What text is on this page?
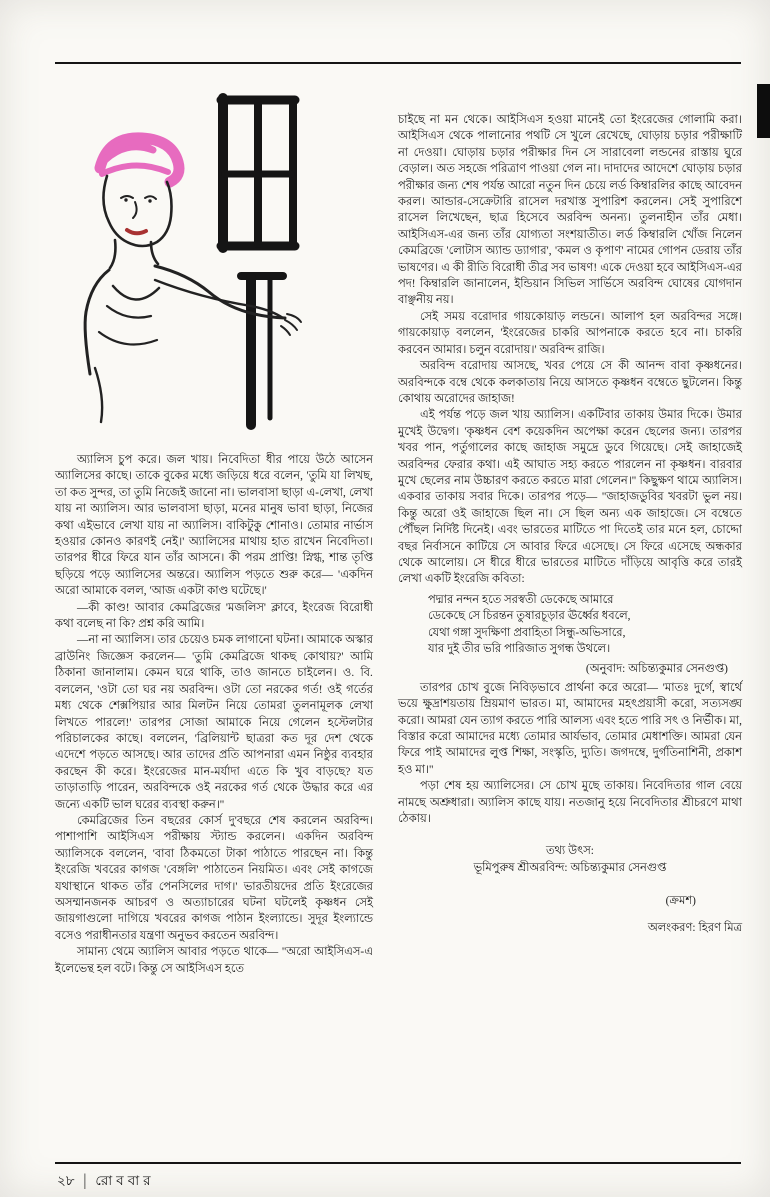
অ্যালিস চুপ করে। জল খায়। নিবেদিতা ধীর পায়ে উঠে আসেন অ্যালিসের কাছে। তাকে বুকের মধ্যে জড়িয়ে ধরে বলেন, 'তুমি যা লিখছ, তা কত সুন্দর, তা তুমি নিজেই জানো না। ভালবাসা ছাড়া এ-লেখা, লেখা যায় না অ্যালিস। আর ভালবাসা ছাড়া, মনের মানুষ ভাবা ছাড়া, নিজের কথা এইভাবে লেখা যায় না অ্যালিস। বাকিটুকু শোনাও। তোমার নার্ভাস হওয়ার কোনও কারণই নেই।' অ্যালিসের মাথায় হাত রাখেন নিবেদিতা। তারপর ধীরে ফিরে যান তাঁর আসনে। কী পরম প্রাপ্তি! স্নিগ্ধ, শান্ত তৃপ্তি ছড়িয়ে পড়ে অ্যালিসের অন্তরে। অ্যালিস পড়তে শুরু করে— 'একদিন অরো আমাকে বলল, 'আজ একটা কাণ্ড ঘটেছে।'

—কী কাণ্ড! আবার কেমব্রিজের 'মজলিস' ক্লাবে, ইংরেজ বিরোধী কথা বলেছ না কি? প্রশ্ন করি আমি।

—না না অ্যালিস। তার চেয়েও চমক লাগানো ঘটনা। আমাকে অস্কার ব্রাউনিং জিজ্ঞেস করলেন— 'তুমি কেমব্রিজে থাকছ কোথায়?' আমি ঠিকানা জানালাম। কেমন ঘরে থাকি, তাও জানতে চাইলেন। ও. বি. বললেন, 'ওটা তো ঘর নয় অরবিন্দ। ওটা তো নরকের গর্ত! ওই গর্তের মধ্য থেকে শেক্সপিয়ার আর মিলটন নিয়ে তোমরা তুলনামূলক লেখা লিখতে পারলে!' তারপর সোজা আমাকে নিয়ে গেলেন হস্টেলটার পরিচালকের কাছে। বললেন, 'ব্রিলিয়ান্ট ছাত্ররা কত দূর দেশ থেকে এদেশে পড়তে আসছে। আর তাদের প্রতি আপনারা এমন নিষ্ঠুর ব্যবহার করছেন কী করে। ইংরেজের মান-মর্যাদা এতে কি খুব বাড়ছে? যত তাড়াতাড়ি পারেন, অরবিন্দকে ওই নরকের গর্ত থেকে উদ্ধার করে এর জন্যে একটি ভাল ঘরের ব্যবস্থা করুন।''

কেমব্রিজের তিন বছরের কোর্স দু'বছরে শেষ করলেন অরবিন্দ। পাশাপাশি আইসিএস পরীক্ষায় স্ট্যান্ড করলেন। একদিন অরবিন্দ অ্যালিসকে বললেন, 'বাবা ঠিকমতো টাকা পাঠাতে পারছেন না। কিন্তু ইংরেজি খবরের কাগজ 'বেঙ্গলি' পাঠাতেন নিয়মিত। এবং সেই কাগজে যথাস্থানে থাকত তাঁর পেনসিলের দাগ।' ভারতীয়দের প্রতি ইংরেজের অসম্মানজনক আচরণ ও অত্যাচারের ঘটনা ঘটলেই কৃষ্ণধন সেই জায়গাগুলো দাগিয়ে খবরের কাগজ পাঠান ইংল্যান্ডে। সুদূর ইংল্যান্ডে বসেও পরাধীনতার যন্ত্রণা অনুভব করতেন অরবিন্দ।

সামান্য থেমে অ্যালিস আবার পড়তে থাকে— ''অরো আইসিএস-এ ইলেভেন্থ হল বটে। কিন্তু সে আইসিএস হতে

চাইছে না মন থেকে। আইসিএস হওয়া মানেই তো ইংরেজের গোলামি করা। আইসিএস থেকে পালানোর পথটি সে খুলে রেখেছে, ঘোড়ায় চড়ার পরীক্ষাটি না দেওয়া। ঘোড়ায় চড়ার পরীক্ষার দিন সে সারাবেলা লন্ডনের রাস্তায় ঘুরে বেড়াল। অত সহজে পরিত্রাণ পাওয়া গেল না। দাদাদের আদেশে ঘোড়ায় চড়ার পরীক্ষার জন্য শেষ পর্যন্ত আরো নতুন দিন চেয়ে লর্ড কিম্বারলির কাছে আবেদন করল। আন্ডার-সেক্রেটারি রাসেল দরখাস্ত সুপারিশ করলেন। সেই সুপারিশে রাসেল লিখেছেন, ছাত্র হিসেবে অরবিন্দ অনন্য। তুলনাহীন তাঁর মেধা। আইসিএস-এর জন্য তাঁর যোগ্যতা সংশয়াতীত। লর্ড কিম্বারলি খোঁজ নিলেন কেমব্রিজে 'লোটাস অ্যান্ড ড্যাগার', 'কমল ও কৃপাণ' নামের গোপন ডেরায় তাঁর ভাষণের। এ কী রীতি বিরোধী তীব্র সব ভাষণ! একে দেওয়া হবে আইসিএস-এর পদ! কিম্বারলি জানালেন, ইন্ডিয়ান সিভিল সার্ভিসে অরবিন্দ ঘোষের যোগদান বাঞ্ছনীয় নয়।

সেই সময় বরোদার গায়কোয়াড় লন্ডনে। আলাপ হল অরবিন্দর সঙ্গে। গায়কোয়াড় বললেন, 'ইংরেজের চাকরি আপনাকে করতে হবে না। চাকরি করবেন আমার। চলুন বরোদায়।' অরবিন্দ রাজি।

অরবিন্দ বরোদায় আসছে, খবর পেয়ে সে কী আনন্দ বাবা কৃষ্ণধনের। অরবিন্দকে বম্বে থেকে কলকাতায় নিয়ে আসতে কৃষ্ণধন বম্বেতে ছুটলেন। কিন্তু কোথায় অরোদের জাহাজ!

এই পর্যন্ত পড়ে জল খায় অ্যালিস। একটিবার তাকায় উমার দিকে। উমার মুখেই উদ্বেগ। 'কৃষ্ণধন বেশ কয়েকদিন অপেক্ষা করেন ছেলের জন্য। তারপর খবর পান, পর্তুগালের কাছে জাহাজ সমুদ্রে ডুবে গিয়েছে। সেই জাহাজেই অরবিন্দর ফেরার কথা। এই আঘাত সহ্য করতে পারলেন না কৃষ্ণধন। বারবার মুখে ছেলের নাম উচ্চারণ করতে করতে মারা গেলেন।'' কিছুক্ষণ থামে অ্যালিস। একবার তাকায় সবার দিকে। তারপর পড়ে— ''জাহাজডুবির খবরটা ভুল নয়। কিন্তু অরো ওই জাহাজে ছিল না। সে ছিল অন্য এক জাহাজে। সে বম্বেতে পৌঁছল নির্দিষ্ট দিনেই। এবং ভারতের মাটিতে পা দিতেই তার মনে হল, চোদ্দো বছর নির্বাসনে কাটিয়ে সে আবার ফিরে এসেছে। সে ফিরে এসেছে অন্ধকার থেকে আলোয়। সে ধীরে ধীরে ভারতের মাটিতে দাঁড়িয়ে আবৃত্তি করে তারই লেখা একটি ইংরেজি কবিতা:

পদ্মার নন্দন হতে সরস্বতী ডেকেছে আমারে
ডেকেছে সে চিরন্তন তুষারচূড়ার ঊর্ধ্বের ধবলে,
যেথা গঙ্গা সুদক্ষিণা প্রবাহিতা সিন্ধু-অভিসারে,
যার দুই তীর ভরি পারিজাত সুগন্ধ উথলে।
(অনুবাদ: অচিন্ত্যকুমার সেনগুপ্ত)

তারপর চোখ বুজে নিবিড়ভাবে প্রার্থনা করে অরো— 'মাতঃ দুর্গে, স্বার্থে ভয়ে ক্ষুদ্রাশয়তায় ম্রিয়মাণ ভারত। মা, আমাদের মহৎপ্রয়াসী করো, সত্যসঙ্ঘ করো। আমরা যেন ত্যাগ করতে পারি আলস্য এবং হতে পারি সৎ ও নির্ভীক। মা, বিস্তার করো আমাদের মধ্যে তোমার আর্যভাব, তোমার মেধাশক্তি। আমরা যেন ফিরে পাই আমাদের লুপ্ত শিক্ষা, সংস্কৃতি, দ্যুতি। জগদম্বে, দুর্গতিনাশিনী, প্রকাশ হও মা।''

পড়া শেষ হয় অ্যালিসের। সে চোখ মুছে তাকায়। নিবেদিতার গাল বেয়ে নামছে অশ্রুধারা। অ্যালিস কাছে যায়। নতজানু হয়ে নিবেদিতার শ্রীচরণে মাথা ঠেকায়।

তথ্য উৎস:
ভূমিপুরুষ শ্রীঅরবিন্দ: অচিন্ত্যকুমার সেনগুপ্ত
(ক্রমশ)
অলংকরণ: হিরণ মিত্র
২৮ | রোববার
